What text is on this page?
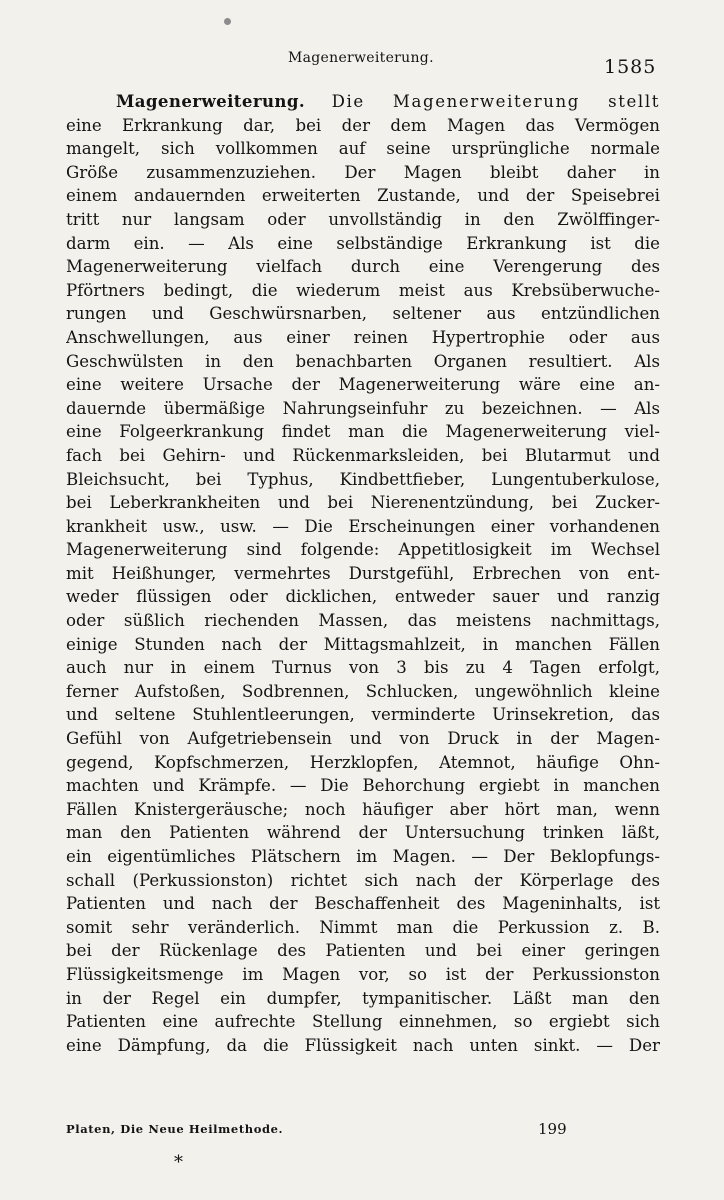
Magenerweiterung.	1585
Magenerweiterung. Die Magenerweiterung stellt
eine Erkrankung dar, bei der dem Magen das Vermögen
mangelt, sich vollkommen auf seine ursprüngliche normale
Größe zusammenzuziehen. Der Magen bleibt daher in
einem andauernden erweiterten Zustande, und der Speisebrei
tritt nur langsam oder unvollständig in den Zwölffinger-
darm ein. — Als eine selbständige Erkrankung ist die
Magenerweiterung vielfach durch eine Verengerung des
Pförtners bedingt, die wiederum meist aus Krebsüberwuche-
rungen und Geschwürsnarben, seltener aus entzündlichen
Anschwellungen, aus einer reinen Hypertrophie oder aus
Geschwülsten in den benachbarten Organen resultiert. Als
eine weitere Ursache der Magenerweiterung wäre eine an-
dauernde übermäßige Nahrungseinfuhr zu bezeichnen. — Als
eine Folgeerkrankung findet man die Magenerweiterung viel-
fach bei Gehirn- und Rückenmarksleiden, bei Blutarmut und
Bleichsucht, bei Typhus, Kindbettfieber, Lungentuberkulose,
bei Leberkrankheiten und bei Nierenentzündung, bei Zucker-
krankheit usw., usw. — Die Erscheinungen einer vorhandenen
Magenerweiterung sind folgende: Appetitlosigkeit im Wechsel
mit Heißhunger, vermehrtes Durstgefühl, Erbrechen von ent-
weder flüssigen oder dicklichen, entweder sauer und ranzig
oder süßlich riechenden Massen, das meistens nachmittags,
einige Stunden nach der Mittagsmahlzeit, in manchen Fällen
auch nur in einem Turnus von 3 bis zu 4 Tagen erfolgt,
ferner Aufstoßen, Sodbrennen, Schlucken, ungewöhnlich kleine
und seltene Stuhlentleerungen, verminderte Urinsekretion, das
Gefühl von Aufgetriebensein und von Druck in der Magen-
gegend, Kopfschmerzen, Herzklopfen, Atemnot, häufige Ohn-
machten und Krämpfe. — Die Behorchung ergiebt in manchen
Fällen Knistergeräusche; noch häufiger aber hört man, wenn
man den Patienten während der Untersuchung trinken läßt,
ein eigentümliches Plätschern im Magen. — Der Beklopfungs-
schall (Perkussionston) richtet sich nach der Körperlage des
Patienten und nach der Beschaffenheit des Mageninhalts, ist
somit sehr veränderlich. Nimmt man die Perkussion z. B.
bei der Rückenlage des Patienten und bei einer geringen
Flüssigkeitsmenge im Magen vor, so ist der Perkussionston
in der Regel ein dumpfer, tympanitischer. Läßt man den
Patienten eine aufrechte Stellung einnehmen, so ergiebt sich
eine Dämpfung, da die Flüssigkeit nach unten sinkt. — Der
Platen, Die Neue Heilmethode.	199
*
